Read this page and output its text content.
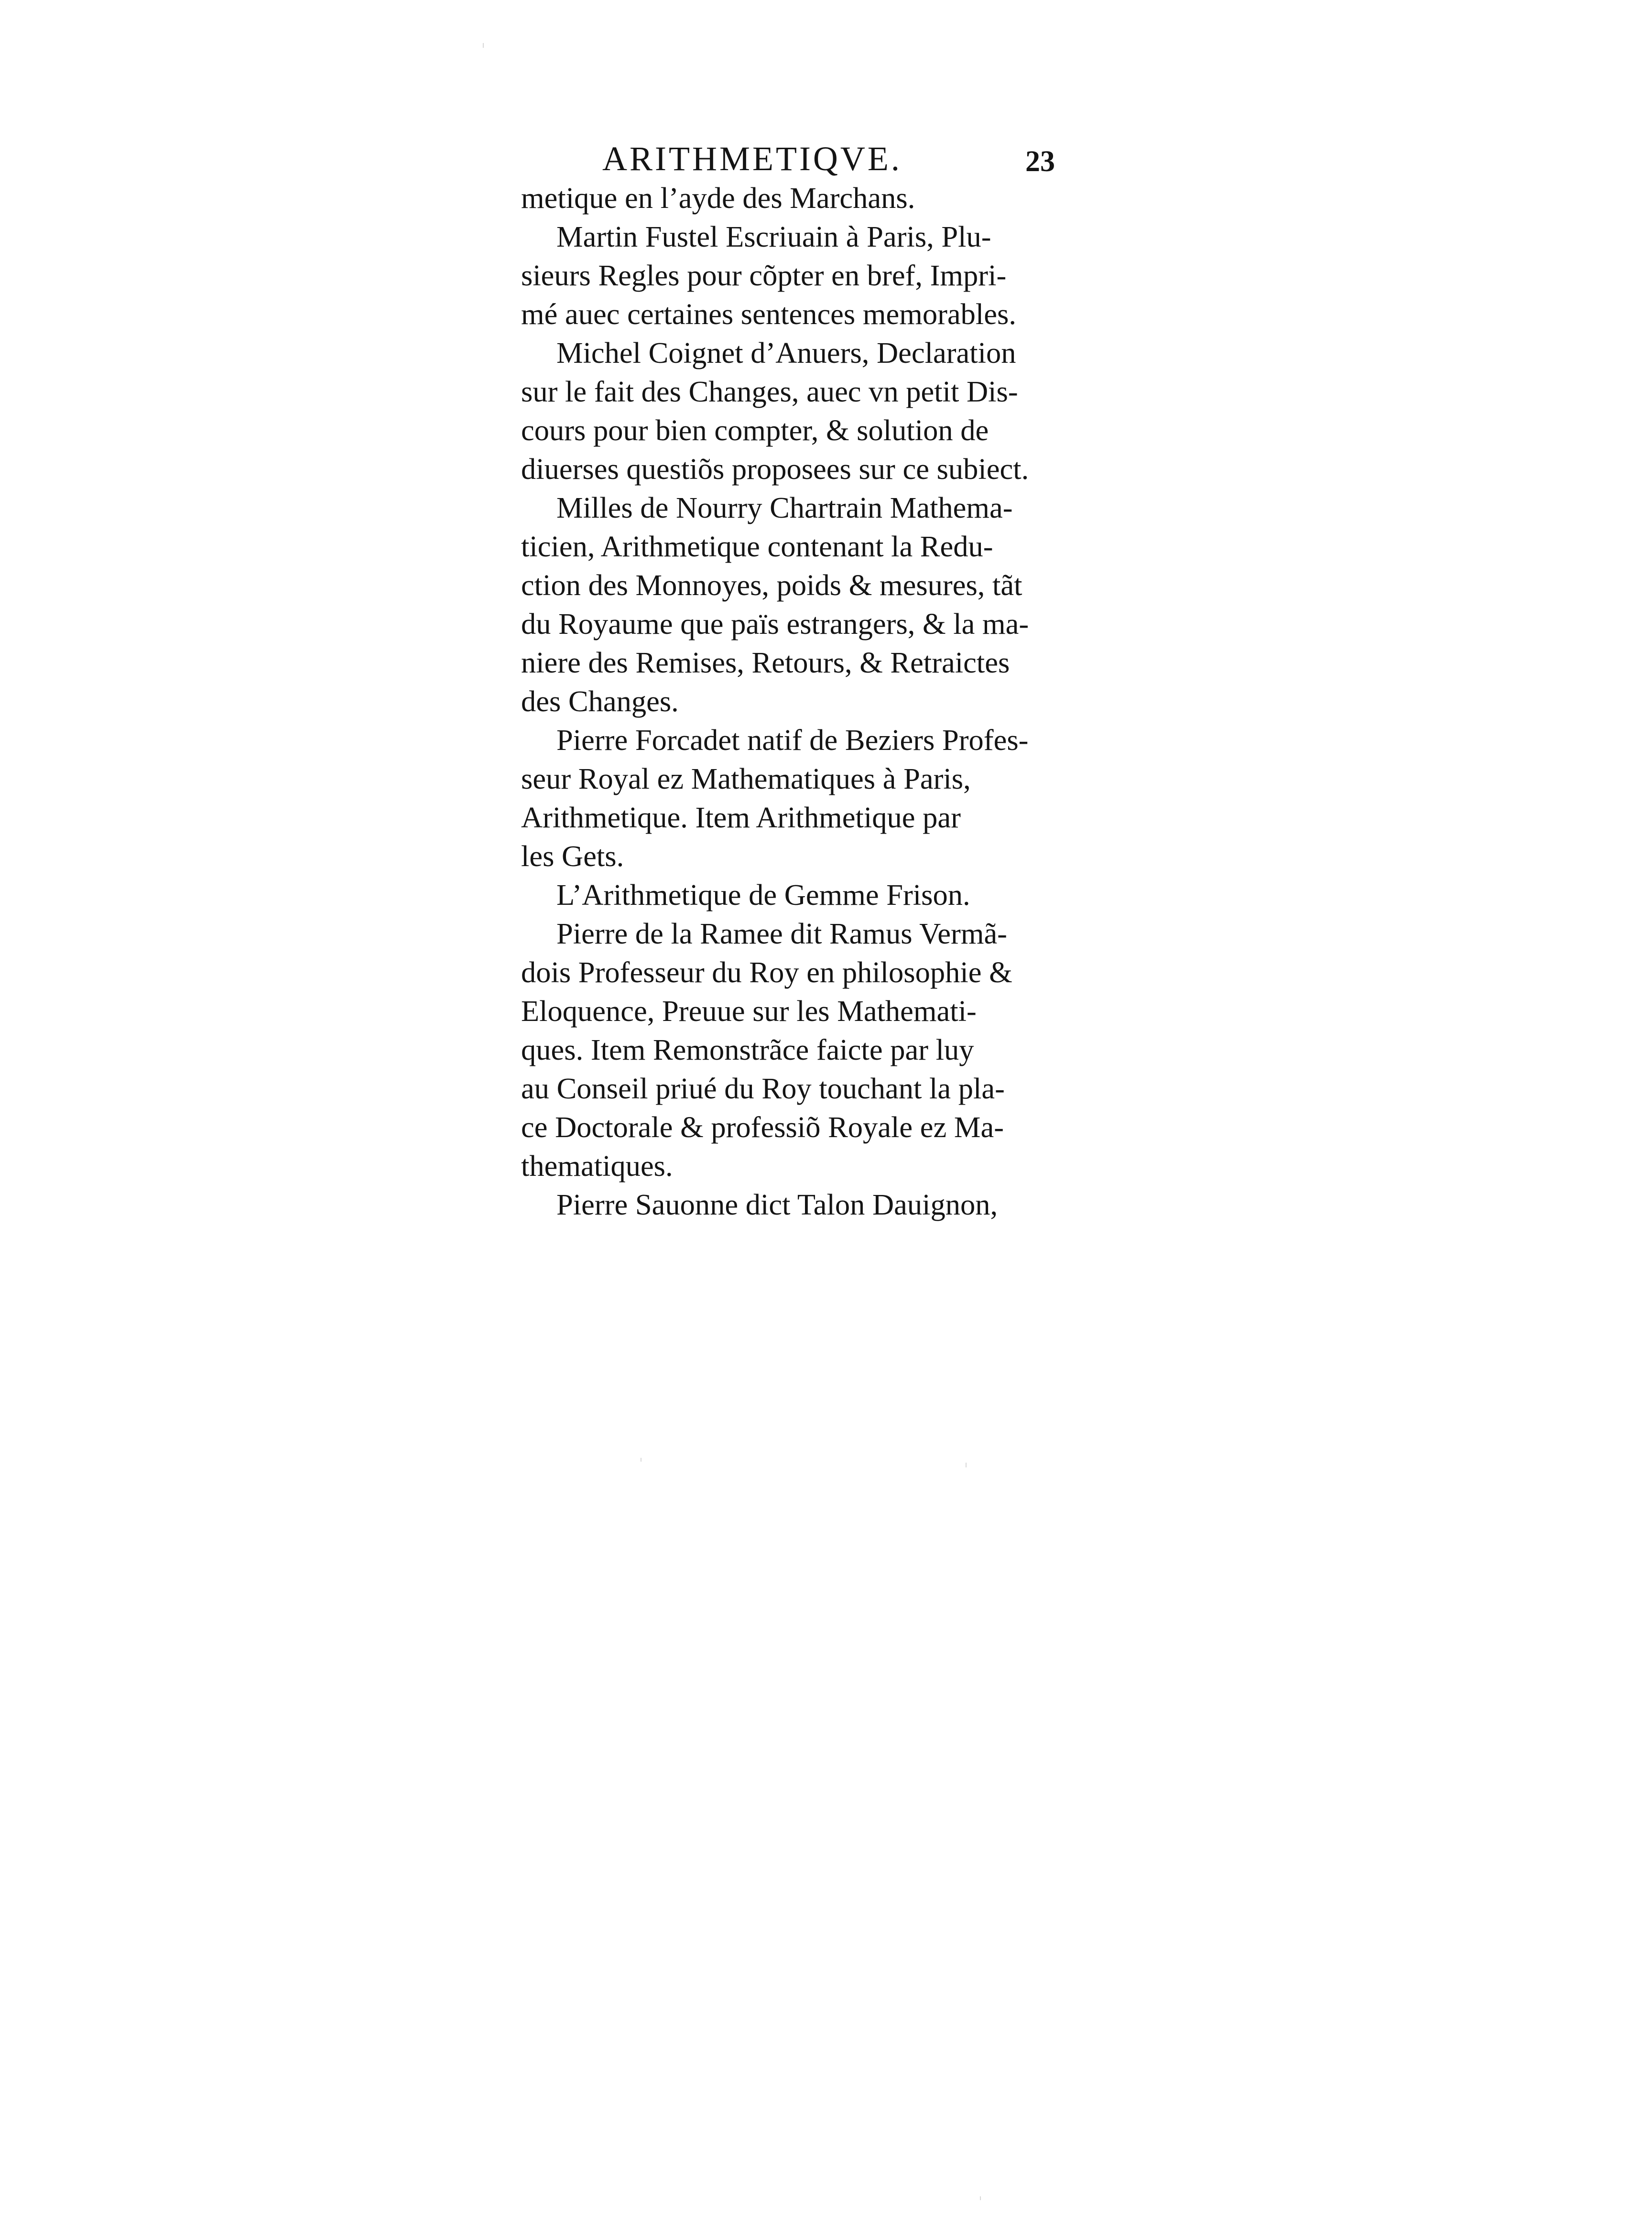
ARITHMETIQVE.	23
metique en l’ayde des Marchans.
Martin Fustel Escriuain à Paris, Plu-
sieurs Regles pour cõpter en bref, Impri-
mé auec certaines sentences memorables.
Michel Coignet d’Anuers, Declaration
sur le fait des Changes, auec vn petit Dis-
cours pour bien compter, & solution de
diuerses questiõs proposees sur ce subiect.
Milles de Nourry Chartrain Mathema-
ticien, Arithmetique contenant la Redu-
ction des Monnoyes, poids & mesures, tãt
du Royaume que païs estrangers, & la ma-
niere des Remises, Retours, & Retraictes
des Changes.
Pierre Forcadet natif de Beziers Profes-
seur Royal ez Mathematiques à Paris,
Arithmetique. Item Arithmetique par
les Gets.
L’Arithmetique de Gemme Frison.
Pierre de la Ramee dit Ramus Vermã-
dois Professeur du Roy en philosophie &
Eloquence, Preuue sur les Mathemati-
ques. Item Remonstrãce faicte par luy
au Conseil priué du Roy touchant la pla-
ce Doctorale & professiõ Royale ez Ma-
thematiques.
Pierre Sauonne dict Talon Dauignon,
